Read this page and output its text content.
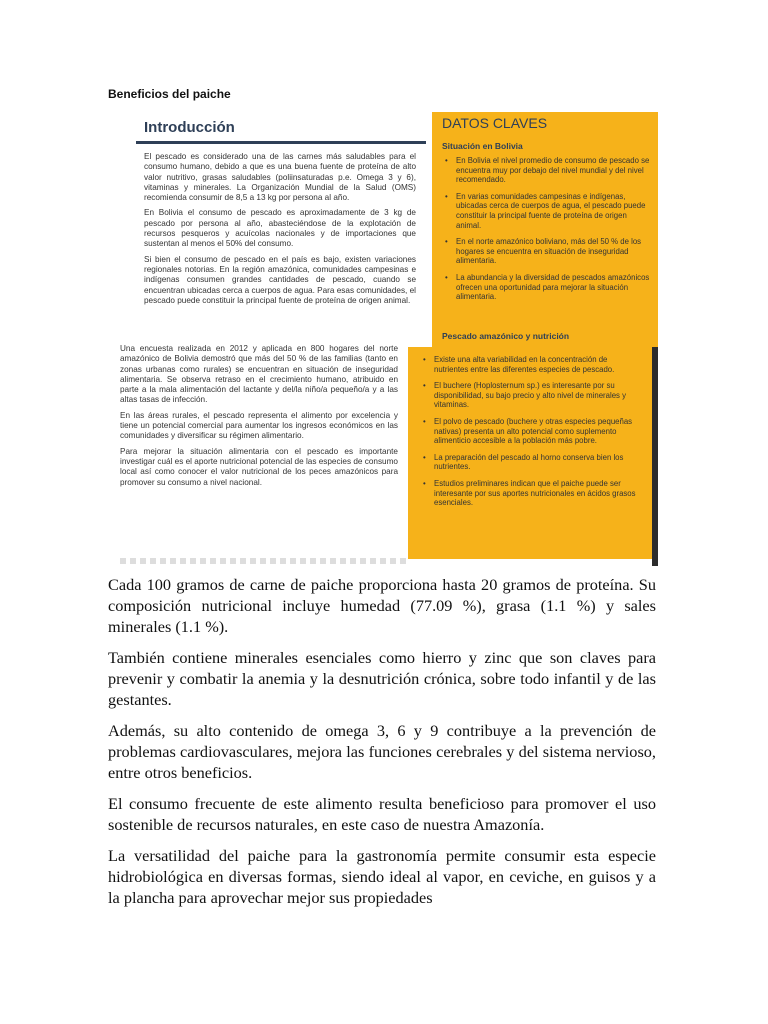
Beneficios del paiche
Introducción

El pescado es considerado una de las carnes más saludables para el consumo humano, debido a que es una buena fuente de proteína de alto valor nutritivo, grasas saludables (poliinsaturadas p.e. Omega 3 y 6), vitaminas y minerales. La Organización Mundial de la Salud (OMS) recomienda consumir de 8,5 a 13 kg por persona al año.

En Bolivia el consumo de pescado es aproximadamente de 3 kg de pescado por persona al año, abasteciéndose de la explotación de recursos pesqueros y acuícolas nacionales y de importaciones que sustentan al menos el 50% del consumo.

Si bien el consumo de pescado en el país es bajo, existen variaciones regionales notorias. En la región amazónica, comunidades campesinas e indígenas consumen grandes cantidades de pescado, cuando se encuentran ubicadas cerca a cuerpos de agua. Para esas comunidades, el pescado puede constituir la principal fuente de proteína de origen animal.

DATOS CLAVES
Situación en Bolivia
• En Bolivia el nivel promedio de consumo de pescado se encuentra muy por debajo del nivel mundial y del nivel recomendado.
• En varias comunidades campesinas e indígenas, ubicadas cerca de cuerpos de agua, el pescado puede constituir la principal fuente de proteína de origen animal.
• En el norte amazónico boliviano, más del 50 % de los hogares se encuentra en situación de inseguridad alimentaria.
• La abundancia y la diversidad de pescados amazónicos ofrecen una oportunidad para mejorar la situación alimentaria.
Pescado amazónico y nutrición

Una encuesta realizada en 2012 y aplicada en 800 hogares del norte amazónico de Bolivia demostró que más del 50 % de las familias (tanto en zonas urbanas como rurales) se encuentran en situación de inseguridad alimentaria. Se observa retraso en el crecimiento humano, atribuido en parte a la mala alimentación del lactante y del/la niño/a pequeño/a y a las altas tasas de infección.

En las áreas rurales, el pescado representa el alimento por excelencia y tiene un potencial comercial para aumentar los ingresos económicos en las comunidades y diversificar su régimen alimentario.

Para mejorar la situación alimentaria con el pescado es importante investigar cuál es el aporte nutricional potencial de las especies de consumo local así como conocer el valor nutricional de los peces amazónicos para promover su consumo a nivel nacional.

• Existe una alta variabilidad en la concentración de nutrientes entre las diferentes especies de pescado.
• El buchere (Hoplosternum sp.) es interesante por su disponibilidad, su bajo precio y alto nivel de minerales y vitaminas.
• El polvo de pescado (buchere y otras especies pequeñas nativas) presenta un alto potencial como suplemento alimenticio accesible a la población más pobre.
• La preparación del pescado al horno conserva bien los nutrientes.
• Estudios preliminares indican que el paiche puede ser interesante por sus aportes nutricionales en ácidos grasos esenciales.

Cada 100 gramos de carne de paiche proporciona hasta 20 gramos de proteína. Su composición nutricional incluye humedad (77.09 %), grasa (1.1 %) y sales minerales (1.1 %).

También contiene minerales esenciales como hierro y zinc que son claves para prevenir y combatir la anemia y la desnutrición crónica, sobre todo infantil y de las gestantes.

Además, su alto contenido de omega 3, 6 y 9 contribuye a la prevención de problemas cardiovasculares, mejora las funciones cerebrales y del sistema nervioso, entre otros beneficios.

El consumo frecuente de este alimento resulta beneficioso para promover el uso sostenible de recursos naturales, en este caso de nuestra Amazonía.

La versatilidad del paiche para la gastronomía permite consumir esta especie hidrobiológica en diversas formas, siendo ideal al vapor, en ceviche, en guisos y a la plancha para aprovechar mejor sus propiedades
